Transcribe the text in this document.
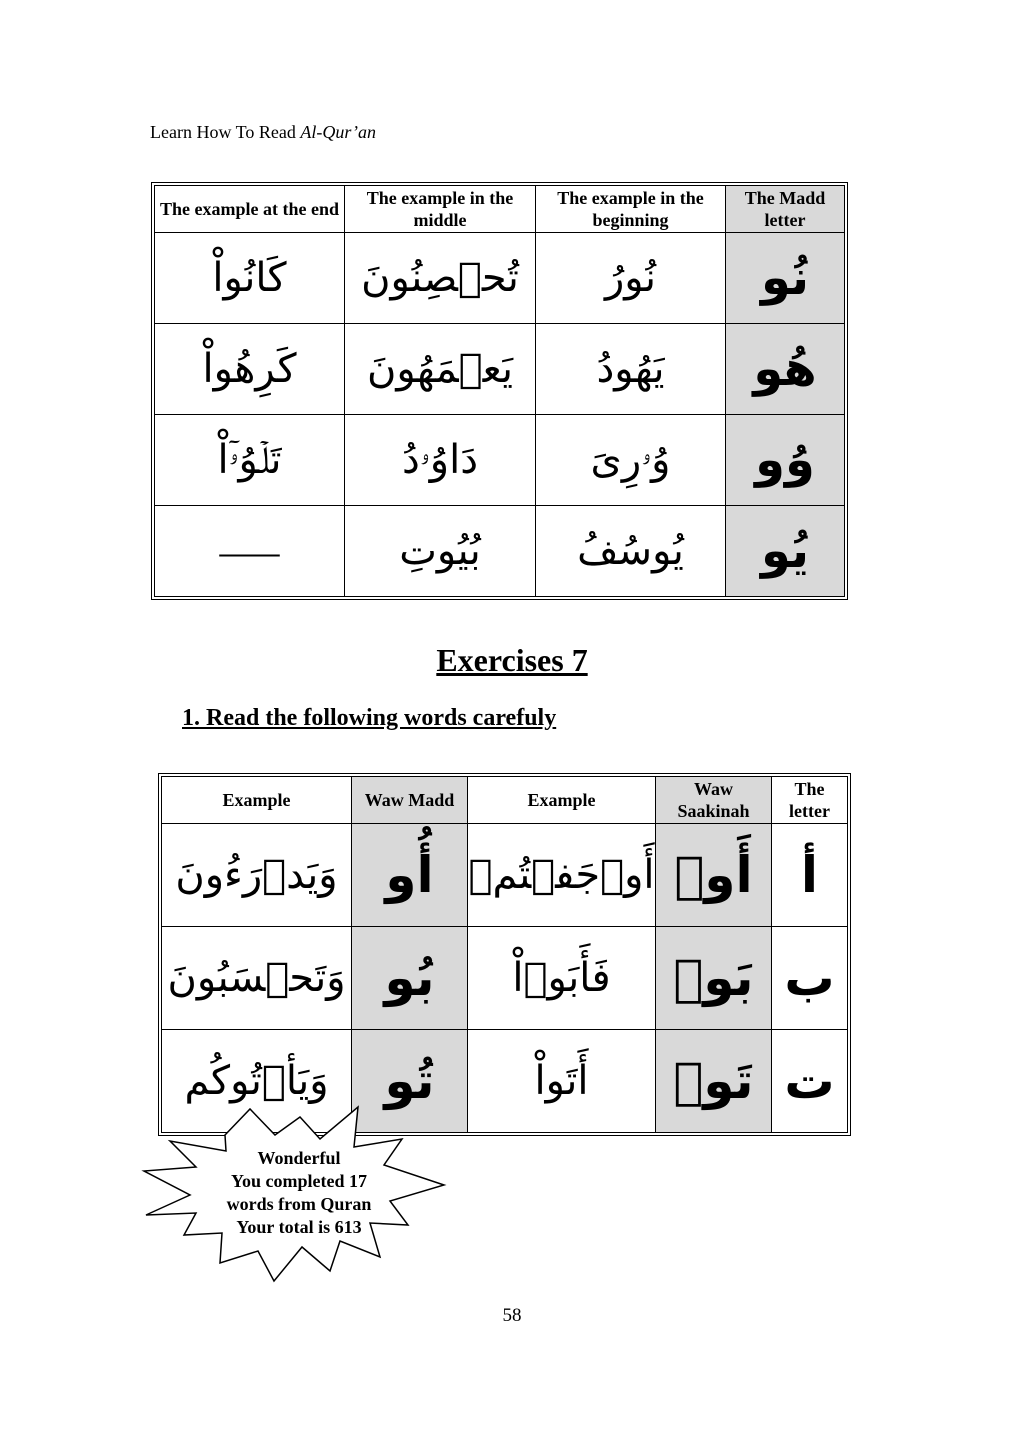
Learn How To Read Al-Qur’an
The example at the end	The example in the middle	The example in the beginning	The Madd letter
كَانُواْ	تُحۡصِنُونَ	نُورُ	نُو
كَرِهُواْ	يَعۡمَهُونَ	يَهُودُ	هُو
تَلۡوُۥٓاْ	دَاوُۥدُ	وُۥرِىَ	وُو
–––	بُيُوتِ	يُوسُفُ	يُو
Exercises 7
1. Read the following words carefuly
Example	Waw Madd	Example	Waw Saakinah	The letter
وَيَدۡرَءُونَ	أُو	أَوۡجَفۡتُمۡ	أَوۡ	أ
وَتَحۡسَبُونَ	بُو	فَأَبَوۡاْ	بَوۡ	ب
وَيَأۡتُوكُم	تُو	أَتَواْ	تَوۡ	ت
Wonderful
You completed 17
words from Quran
Your total is 613
58
